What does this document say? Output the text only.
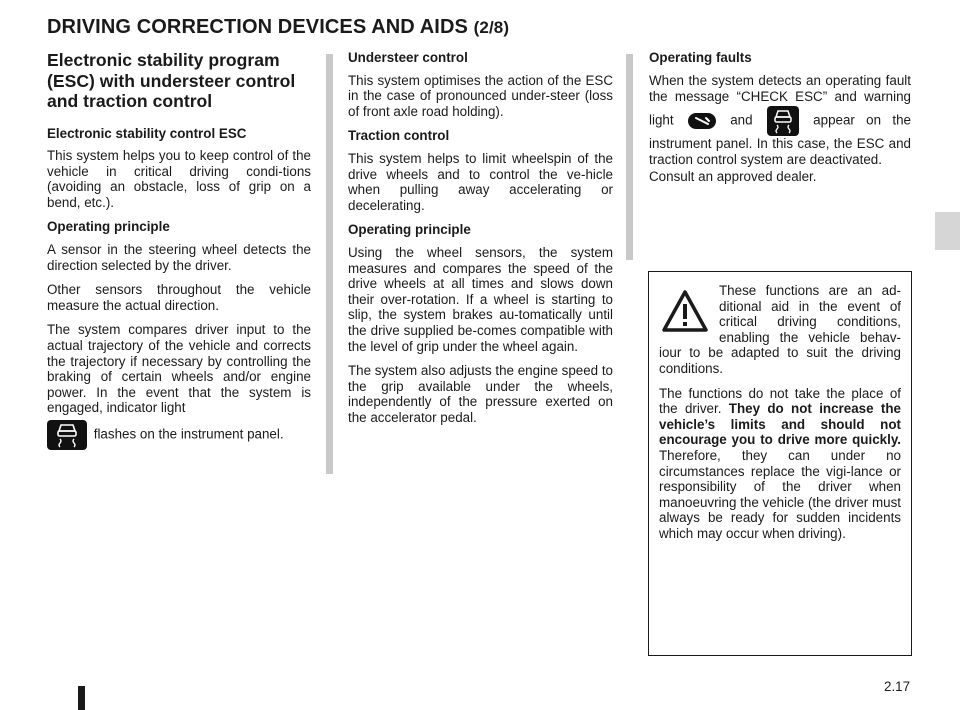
DRIVING CORRECTION DEVICES AND AIDS (2/8)
Electronic stability program (ESC) with understeer control and traction control
Electronic stability control ESC

This system helps you to keep control of the vehicle in critical driving condi-tions (avoiding an obstacle, loss of grip on a bend, etc.).

Operating principle

A sensor in the steering wheel detects the direction selected by the driver.

Other sensors throughout the vehicle measure the actual direction.

The system compares driver input to the actual trajectory of the vehicle and corrects the trajectory if necessary by controlling the braking of certain wheels and/or engine power. In the event that the system is engaged, indicator light

flashes on the instrument panel.

Understeer control

This system optimises the action of the ESC in the case of pronounced under-steer (loss of front axle road holding).

Traction control

This system helps to limit wheelspin of the drive wheels and to control the ve-hicle when pulling away accelerating or decelerating.

Operating principle

Using the wheel sensors, the system measures and compares the speed of the drive wheels at all times and slows down their over-rotation. If a wheel is starting to slip, the system brakes au-tomatically until the drive supplied be-comes compatible with the level of grip under the wheel again.

The system also adjusts the engine speed to the grip available under the wheels, independently of the pressure exerted on the accelerator pedal.

Operating faults

When the system detects an operating fault the message “CHECK ESC” and warning light	and	appear on the instrument panel. In this case, the ESC and traction control system are deactivated.
Consult an approved dealer.

These functions are an ad-ditional aid in the event of critical driving conditions, enabling the vehicle behav-iour to be adapted to suit the driving conditions.

The functions do not take the place of the driver. They do not increase the vehicle’s limits and should not encourage you to drive more quickly. Therefore, they can under no circumstances replace the vigi-lance or responsibility of the driver when manoeuvring the vehicle (the driver must always be ready for sudden incidents which may occur when driving).

2.17
